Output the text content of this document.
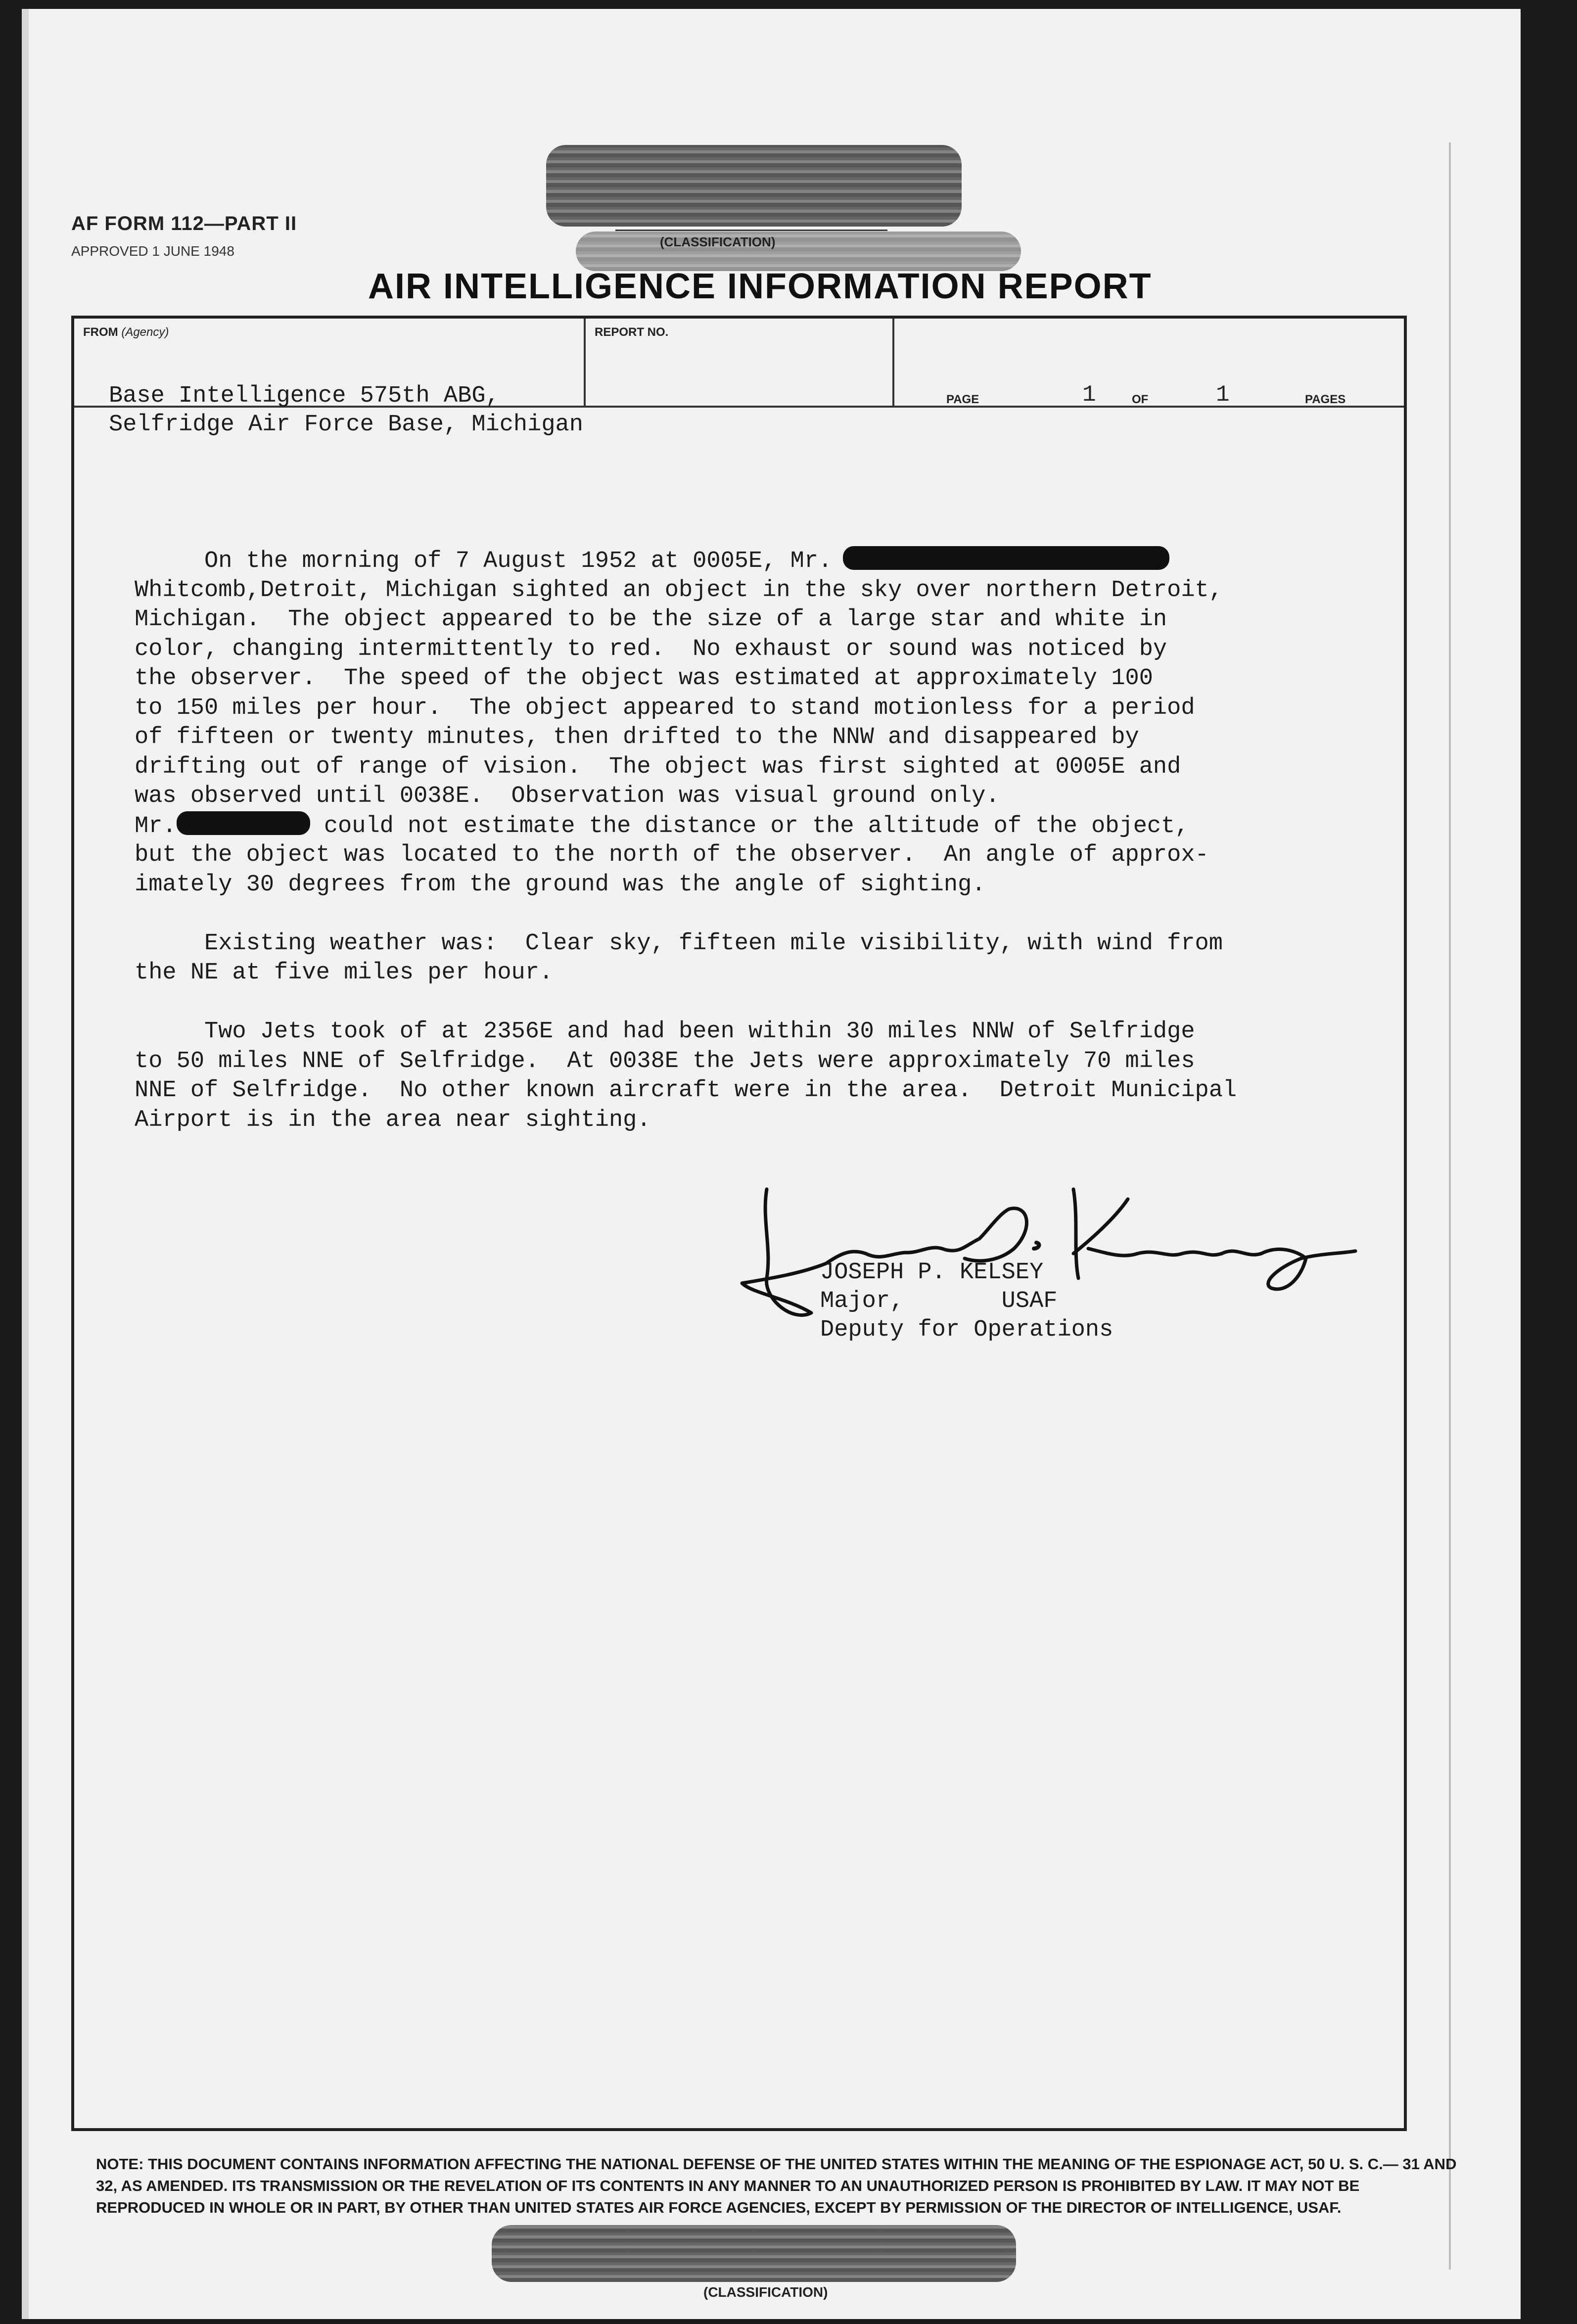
AF FORM 112—PART II
APPROVED 1 JUNE 1948
(CLASSIFICATION)
AIR INTELLIGENCE INFORMATION REPORT
FROM (Agency)	REPORT NO.
PAGE	1	OF	1	PAGES
Base Intelligence 575th ABG,
Selfridge Air Force Base, Michigan
On the morning of 7 August 1952 at 0005E, Mr.
Whitcomb,Detroit, Michigan sighted an object in the sky over northern Detroit,
Michigan.  The object appeared to be the size of a large star and white in
color, changing intermittently to red.  No exhaust or sound was noticed by
the observer.  The speed of the object was estimated at approximately 100
to 150 miles per hour.  The object appeared to stand motionless for a period
of fifteen or twenty minutes, then drifted to the NNW and disappeared by
drifting out of range of vision.  The object was first sighted at 0005E and
was observed until 0038E.  Observation was visual ground only.
Mr.	could not estimate the distance or the altitude of the object,
but the object was located to the north of the observer.  An angle of approx-
imately 30 degrees from the ground was the angle of sighting.
Existing weather was:  Clear sky, fifteen mile visibility, with wind from
the NE at five miles per hour.
Two Jets took of at 2356E and had been within 30 miles NNW of Selfridge
to 50 miles NNE of Selfridge.  At 0038E the Jets were approximately 70 miles
NNE of Selfridge.  No other known aircraft were in the area.  Detroit Municipal
Airport is in the area near sighting.
JOSEPH P. KELSEY
Major,       USAF
Deputy for Operations
NOTE: THIS DOCUMENT CONTAINS INFORMATION AFFECTING THE NATIONAL DEFENSE OF THE UNITED STATES WITHIN THE MEANING OF THE ESPIONAGE ACT, 50 U. S. C.— 31 AND 32, AS AMENDED. ITS TRANSMISSION OR THE REVELATION OF ITS CONTENTS IN ANY MANNER TO AN UNAUTHORIZED PERSON IS PROHIBITED BY LAW. IT MAY NOT BE REPRODUCED IN WHOLE OR IN PART, BY OTHER THAN UNITED STATES AIR FORCE AGENCIES, EXCEPT BY PERMISSION OF THE DIRECTOR OF INTELLIGENCE, USAF.
(CLASSIFICATION)
